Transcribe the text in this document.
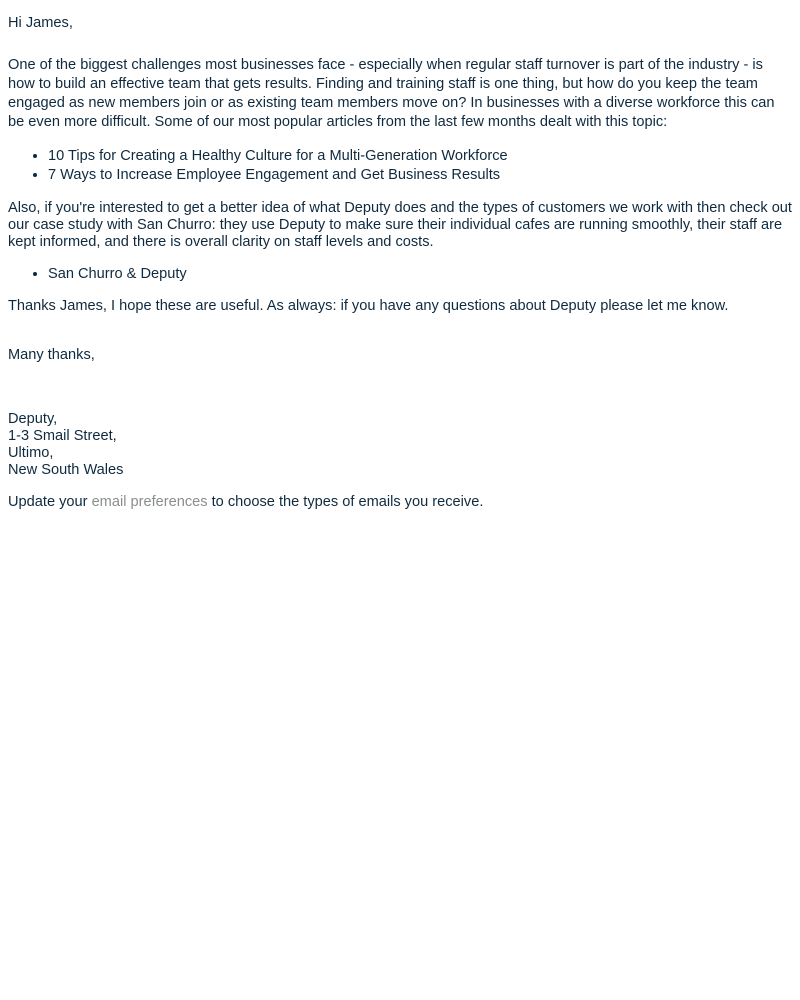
Hi James,

One of the biggest challenges most businesses face - especially when regular staff turnover is part of the industry - is how to build an effective team that gets results. Finding and training staff is one thing, but how do you keep the team engaged as new members join or as existing team members move on? In businesses with a diverse workforce this can be even more difficult. Some of our most popular articles from the last few months dealt with this topic:

• 10 Tips for Creating a Healthy Culture for a Multi-Generation Workforce
• 7 Ways to Increase Employee Engagement and Get Business Results

Also, if you're interested to get a better idea of what Deputy does and the types of customers we work with then check out our case study with San Churro: they use Deputy to make sure their individual cafes are running smoothly, their staff are kept informed, and there is overall clarity on staff levels and costs.

• San Churro & Deputy

Thanks James, I hope these are useful. As always: if you have any questions about Deputy please let me know.

Many thanks,

Deputy,
1-3 Smail Street,
Ultimo,
New South Wales

Update your email preferences to choose the types of emails you receive.
